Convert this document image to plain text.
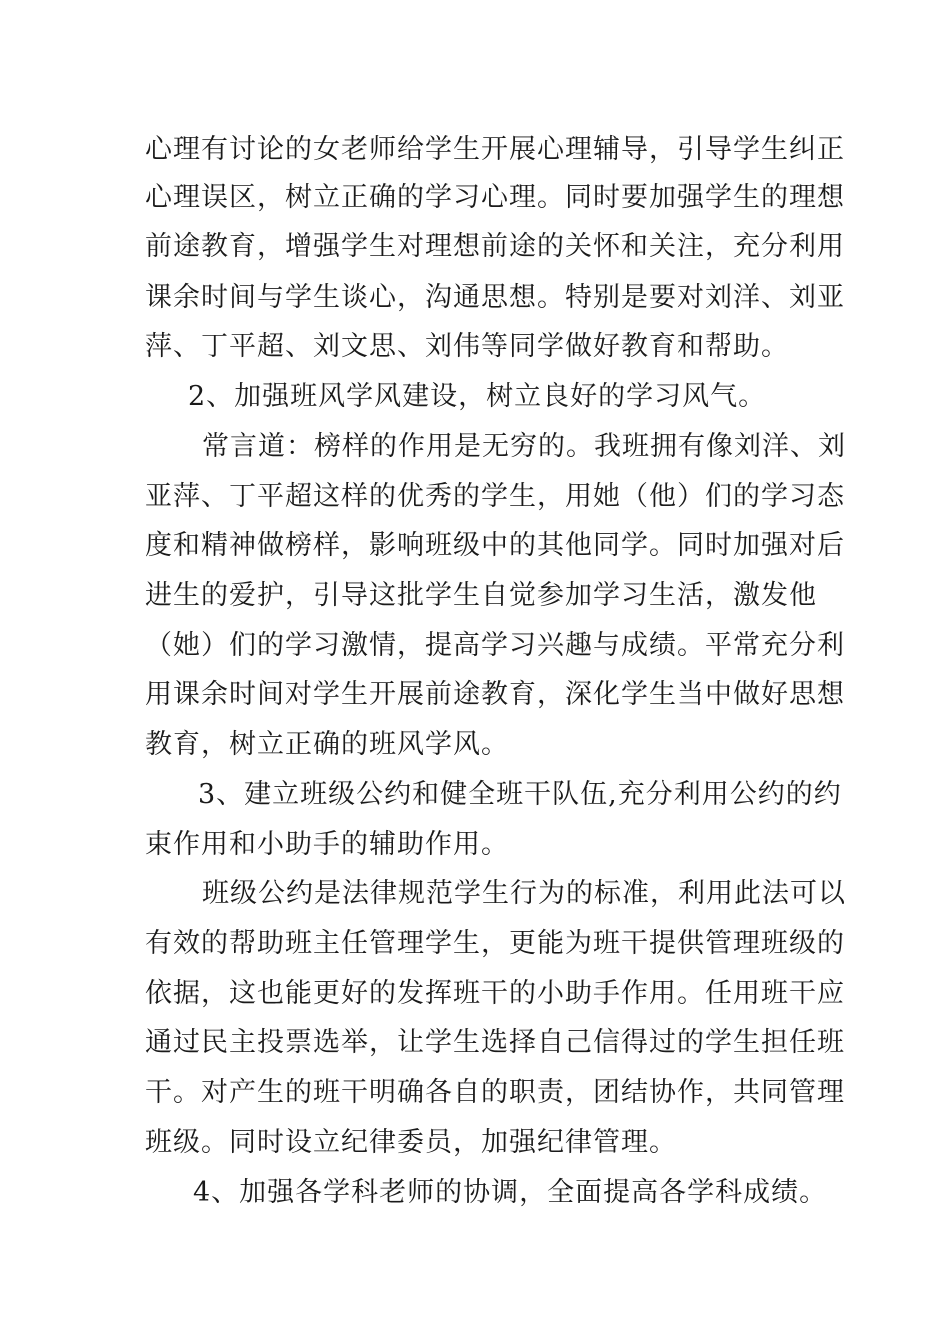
心理有讨论的女老师给学生开展心理辅导，引导学生纠正
心理误区，树立正确的学习心理。同时要加强学生的理想
前途教育，增强学生对理想前途的关怀和关注，充分利用
课余时间与学生谈心，沟通思想。特别是要对刘洋、刘亚
萍、丁平超、刘文思、刘伟等同学做好教育和帮助。
2、加强班风学风建设，树立良好的学习风气。
常言道：榜样的作用是无穷的。我班拥有像刘洋、刘
亚萍、丁平超这样的优秀的学生，用她（他）们的学习态
度和精神做榜样，影响班级中的其他同学。同时加强对后
进生的爱护，引导这批学生自觉参加学习生活，激发他
（她）们的学习激情，提高学习兴趣与成绩。平常充分利
用课余时间对学生开展前途教育，深化学生当中做好思想
教育，树立正确的班风学风。
3、建立班级公约和健全班干队伍,充分利用公约的约
束作用和小助手的辅助作用。
班级公约是法律规范学生行为的标准，利用此法可以
有效的帮助班主任管理学生，更能为班干提供管理班级的
依据，这也能更好的发挥班干的小助手作用。任用班干应
通过民主投票选举，让学生选择自己信得过的学生担任班
干。对产生的班干明确各自的职责，团结协作，共同管理
班级。同时设立纪律委员，加强纪律管理。
4、加强各学科老师的协调，全面提高各学科成绩。
